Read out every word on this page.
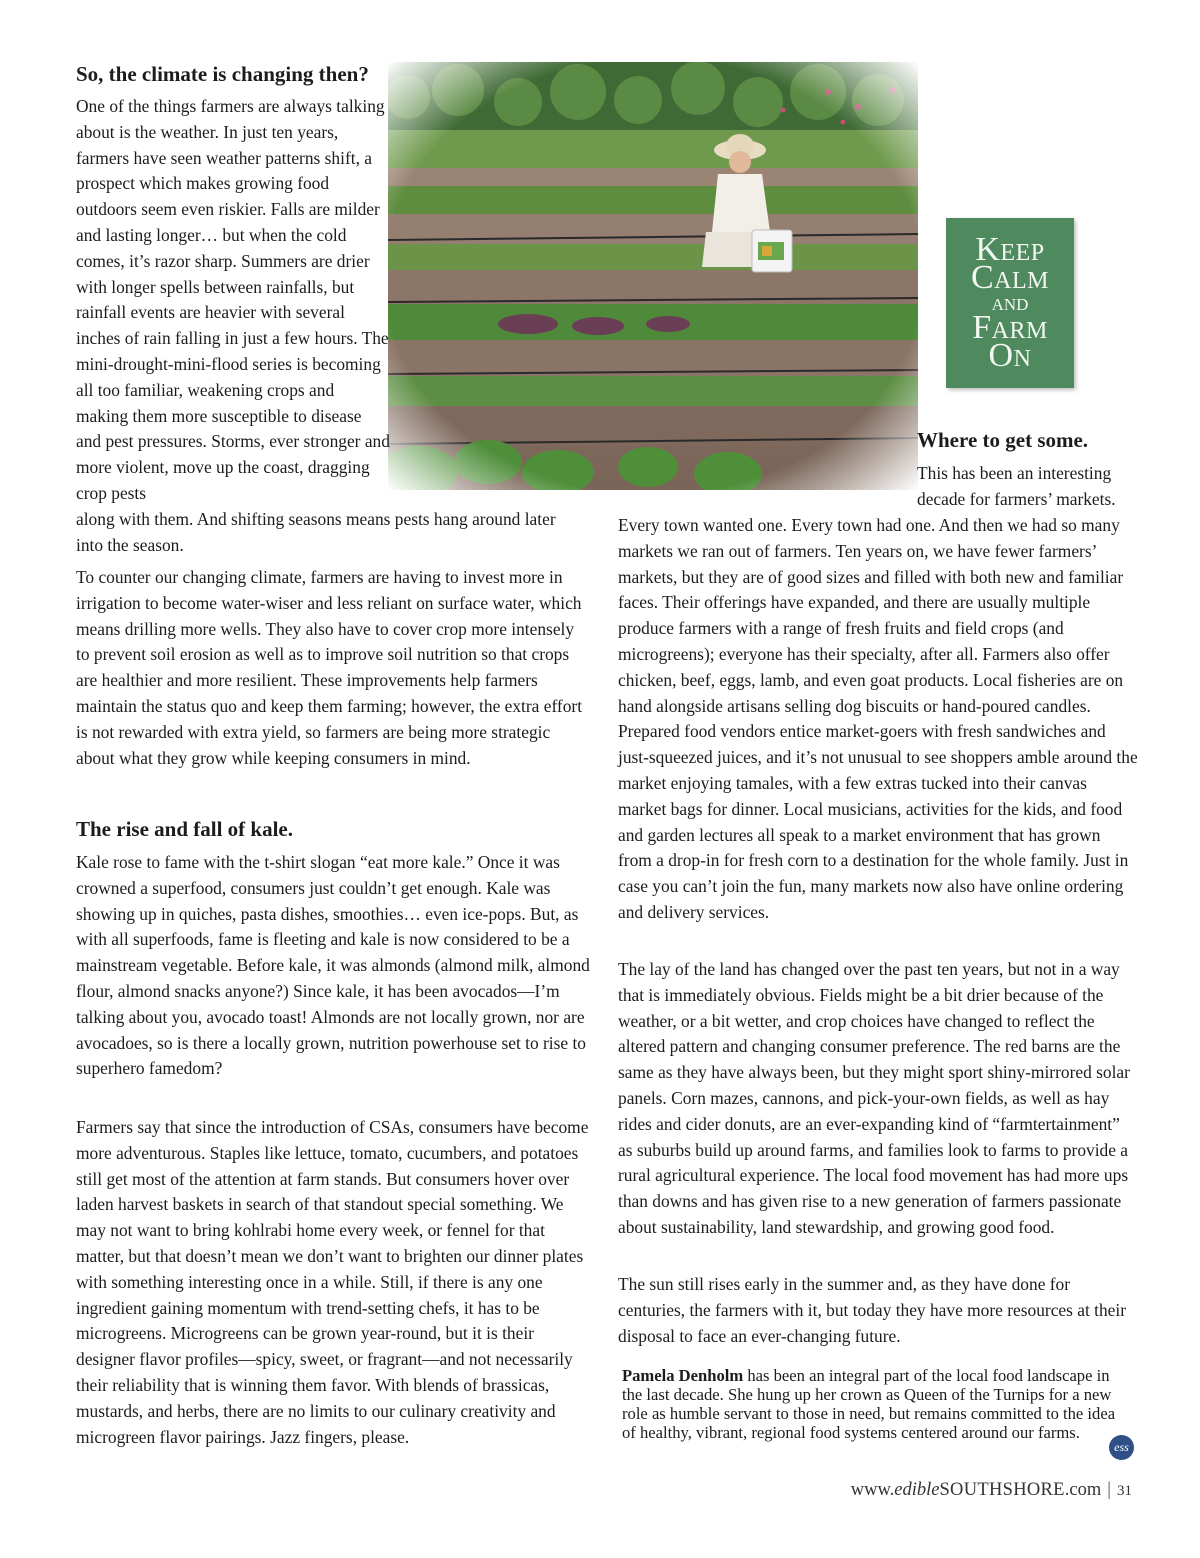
So, the climate is changing then?

One of the things farmers are always talking about is the weather. In just ten years, farmers have seen weather patterns shift, a prospect which makes growing food outdoors seem even riskier. Falls are milder and lasting longer… but when the cold comes, it’s razor sharp. Summers are drier with longer spells between rainfalls, but rainfall events are heavier with several inches of rain falling in just a few hours. The mini-drought-mini-flood series is becoming all too familiar, weakening crops and making them more susceptible to disease and pest pressures. Storms, ever stronger and more violent, move up the coast, dragging crop pests
along with them. And shifting seasons means pests hang around later into the season.

To counter our changing climate, farmers are having to invest more in irrigation to become water-wiser and less reliant on surface water, which means drilling more wells. They also have to cover crop more intensely to prevent soil erosion as well as to improve soil nutrition so that crops are healthier and more resilient. These improvements help farmers maintain the status quo and keep them farming; however, the extra effort is not rewarded with extra yield, so farmers are being more strategic about what they grow while keeping consumers in mind.

The rise and fall of kale.

Kale rose to fame with the t-shirt slogan “eat more kale.” Once it was crowned a superfood, consumers just couldn’t get enough. Kale was showing up in quiches, pasta dishes, smoothies… even ice-pops. But, as with all superfoods, fame is fleeting and kale is now considered to be a mainstream vegetable. Before kale, it was almonds (almond milk, almond flour, almond snacks anyone?) Since kale, it has been avocados—I’m talking about you, avocado toast! Almonds are not locally grown, nor are avocadoes, so is there a locally grown, nutrition powerhouse set to rise to superhero famedom?

Farmers say that since the introduction of CSAs, consumers have become more adventurous. Staples like lettuce, tomato, cucumbers, and potatoes still get most of the attention at farm stands. But consumers hover over laden harvest baskets in search of that standout special something. We may not want to bring kohlrabi home every week, or fennel for that matter, but that doesn’t mean we don’t want to brighten our dinner plates with something interesting once in a while. Still, if there is any one ingredient gaining momentum with trend-setting chefs, it has to be microgreens. Microgreens can be grown year-round, but it is their designer flavor profiles—spicy, sweet, or fragrant—and not necessarily their reliability that is winning them favor. With blends of brassicas, mustards, and herbs, there are no limits to our culinary creativity and microgreen flavor pairings. Jazz fingers, please.

Keep
Calm
and
Farm
On
Where to get some.

This has been an interesting decade for farmers’ markets.

Every town wanted one. Every town had one. And then we had so many markets we ran out of farmers. Ten years on, we have fewer farmers’ markets, but they are of good sizes and filled with both new and familiar faces. Their offerings have expanded, and there are usually multiple produce farmers with a range of fresh fruits and field crops (and microgreens); everyone has their specialty, after all. Farmers also offer chicken, beef, eggs, lamb, and even goat products. Local fisheries are on hand alongside artisans selling dog biscuits or hand-poured candles. Prepared food vendors entice market-goers with fresh sandwiches and just-squeezed juices, and it’s not unusual to see shoppers amble around the market enjoying tamales, with a few extras tucked into their canvas market bags for dinner. Local musicians, activities for the kids, and food and garden lectures all speak to a market environment that has grown from a drop-in for fresh corn to a destination for the whole family. Just in case you can’t join the fun, many markets now also have online ordering and delivery services.

The lay of the land has changed over the past ten years, but not in a way that is immediately obvious. Fields might be a bit drier because of the weather, or a bit wetter, and crop choices have changed to reflect the altered pattern and changing consumer preference. The red barns are the same as they have always been, but they might sport shiny-mirrored solar panels. Corn mazes, cannons, and pick-your-own fields, as well as hay rides and cider donuts, are an ever-expanding kind of “farmtertainment” as suburbs build up around farms, and families look to farms to provide a rural agricultural experience. The local food movement has had more ups than downs and has given rise to a new generation of farmers passionate about sustainability, land stewardship, and growing good food.

The sun still rises early in the summer and, as they have done for centuries, the farmers with it, but today they have more resources at their disposal to face an ever-changing future.

Pamela Denholm has been an integral part of the local food landscape in the last decade. She hung up her crown as Queen of the Turnips for a new role as humble servant to those in need, but remains committed to the idea of healthy, vibrant, regional food systems centered around our farms.

ess
www.edibleSOUTHSHORE.com | 31
